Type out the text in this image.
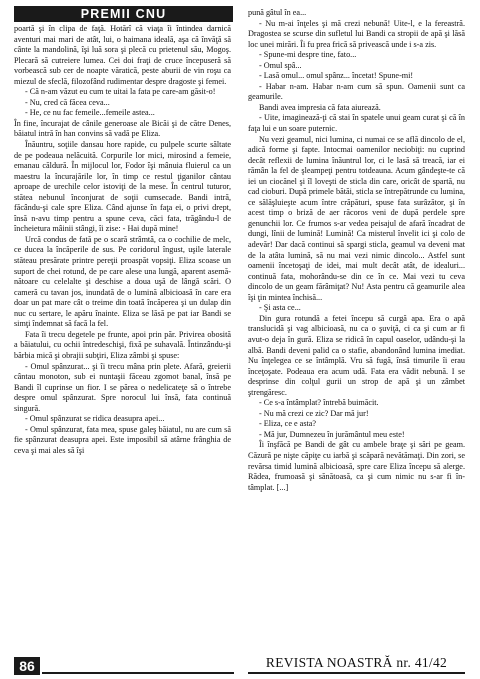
PREMII CNU

poartă şi în clipa de faţă. Hotărî că viaţa îi întindea darnică aventuri mai mari de atât, lui, o haimana ideală, aşa că învăţă să cânte la mandolină, îşi luă sora şi plecă cu prietenul său, Mogoş. Plecară să cutreiere lumea. Cei doi fraţi de cruce începuseră să vorbească sub cer de noapte văratică, peste aburii de vin roşu ca miezul de sfeclă, filozofând rudimentar despre dragoste şi femei.

- Că n-am văzut eu cum te uitai la fata pe care-am găsit-o!

- Nu, cred că făcea ceva...

- He, ce nu fac femeile...femeile astea...

În fine, încurajat de cânile generoase ale Bicăi şi de către Denes, băiatul intră în han convins să vadă pe Eliza.

Înăuntru, soţiile dansau hore rapide, cu pulpele scurte săltate de pe podeaua nelăcuită. Corpurile lor mici, mirosind a femeie, emanau căldură. În mijlocul lor, Fodor îşi mânuia fluierul ca un maestru la încurajările lor, în timp ce restul ţiganilor cântau aproape de urechile celor istoviţi de la mese. În centrul tuturor, stătea nebunul înconjurat de soţii cumsecade. Bandi intră, făcându-şi cale spre Eliza. Când ajunse în faţa ei, o privi drept, însă n-avu timp pentru a spune ceva, căci fata, trăgându-l de încheietura mâinii stângi, îi zise: - Hai după mine!

Urcă condus de fată pe o scară strâmtă, ca o cochilie de melc, ce ducea la încăperile de sus. Pe coridorul îngust, uşile laterale stăteau presărate printre pereţii proaspăt vopsiţi. Eliza scoase un suport de chei rotund, de pe care alese una lungă, aparent asemănătoare cu celelalte şi deschise a doua uşă de lângă scări. O cameră cu tavan jos, inundată de o lumină albicioasă în care era doar un pat mare cât o treime din toată încăperea şi un dulap din nuc cu sertare, le apăru înainte. Eliza se lăsă pe pat iar Bandi se simţi îndemnat să facă la fel.

Fata îi trecu degetele pe frunte, apoi prin păr. Privirea obosită a băiatului, cu ochii întredeschişi, fixă pe suhavală. Întinzându-şi bărbia mică şi obrajii subţiri, Eliza zâmbi şi spuse:

- Omul spânzurat... şi îi trecu mâna prin plete. Afară, greierii cântau monoton, sub ei nuntaşii făceau zgomot banal, însă pe Bandi îl cuprinse un fior. I se părea o nedelicateţe să o întrebe despre omul spânzurat. Spre norocul lui însă, fata continuă singură.

- Omul spânzurat se ridica deasupra apei...

- Omul spânzurat, fata mea, spuse galeş băiatul, nu are cum să fie spânzurat deasupra apei. Este imposibil să atârne frânghia de ceva şi mai ales să îşi

pună gâtul în ea...

- Nu m-ai înţeles şi mă crezi nebună! Uite-l, e la fereastră. Dragostea se scurse din sufletul lui Bandi ca stropii de apă şi lăsă loc unei mirări. Îi fu prea frică să privească unde i s-a zis.

- Spune-mi despre tine, fato...

- Omul spâ...

- Lasă omul... omul spânz... încetat! Spune-mi!

- Habar n-am. Habar n-am cum să spun. Oamenii sunt ca geamurile.

Bandi avea impresia că fata aiurează.

- Uite, imaginează-ţi că stai în spatele unui geam curat şi că în faţa lui e un soare puternic.

Nu vezi geamul, nici lumina, ci numai ce se află dincolo de el, adică forme şi fapte. Intocmai oamenilor neciobiţi: nu cuprind decât reflexii de lumina înăuntrul lor, ci le lasă să treacă, iar ei rămân la fel de şleampeţi pentru totdeauna. Acum gândeşte-te că iei un ciocănel şi îl loveşti de sticla din care, oricât de spartă, nu cad cioburi. După primele bătăi, sticla se întrepătrunde cu lumina, ce sălăşluieşte acum între crăpături, spuse fata surâzător, şi în acest timp o briză de aer răcoros veni de după perdele spre genunchii lor. Ce frumos s-ar vedea peisajul de afară încadrat de dungi, lînii de lumină! Lumină! Ca misterul învelit ici şi colo de adevăr! Dar dacă continui să spargi sticla, geamul va deveni mat de la atâta lumină, să nu mai vezi nimic dincolo... Astfel sunt oamenii încetoşaţi de idei, mai mult decât atât, de idealuri... continuă fata, mohorându-se din ce în ce. Mai vezi tu ceva dincolo de un geam fărâmiţat? Nu! Asta pentru că geamurile alea îşi ţin mintea închisă...

- Şi asta ce...

Din gura rotundă a fetei începu să curgă apa. Era o apă translucidă şi vag albicioasă, nu ca o şuviţă, ci ca şi cum ar fi avut-o deja în gură. Eliza se ridică în capul oaselor, udându-şi la albă. Bandi deveni palid ca o stafie, abandonând lumina imediat. Nu înţelegea ce se întâmplă. Vru să fugă, însă timurile îi erau înceţoşate. Podeaua era acum udă. Fata era vădit nebună. I se desprinse din colţul gurii un strop de apă şi un zâmbet ştrengăresc.

- Ce s-a întâmplat? întrebă buimăcit.

- Nu mă crezi ce zic? Dar mă jur!

- Eliza, ce e asta?

- Mă jur, Dumnezeu în jurământul meu este!

Îi înşfăcă pe Bandi de gât cu ambele braţe şi sări pe geam. Căzură pe nişte căpiţe cu iarbă şi scăpară nevătămaţi. Din zori, se revărsa timid lumină albicioasă, spre care Eliza începu să alerge. Rădea, frumoasă şi sănătoasă, ca şi cum nimic nu s-ar fi întâmplat. [...]

86	REVISTA NOASTRĂ nr. 41/42
